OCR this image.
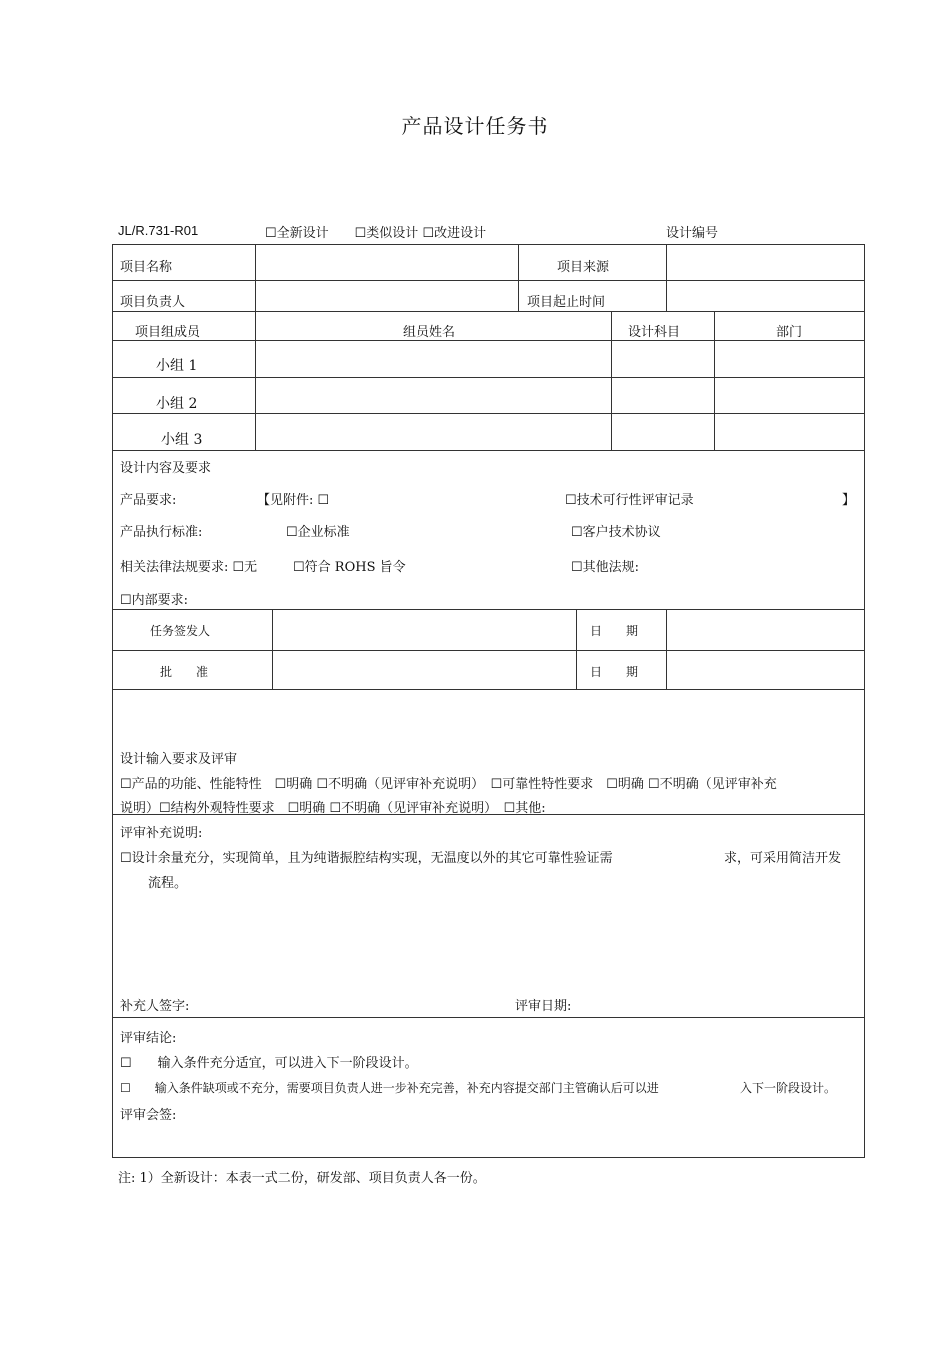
产品设计任务书
JL/R.731-R01	☐全新设计　　☐类似设计 ☐改进设计	设计编号
项目名称	项目来源
项目负责人	项目起止时间
项目组成员	组员姓名	设计科目	部门
小组 1
小组 2
小组 3
设计内容及要求
产品要求:	【见附件: ☐	☐技术可行性评审记录	】
产品执行标准:	☐企业标准	☐客户技术协议
相关法律法规要求: ☐无	☐符合 ROHS 旨令	☐其他法规:
☐内部要求:
任务签发人	日　　期
批　　准	日　　期
设计输入要求及评审
☐产品的功能、性能特性　☐明确 ☐不明确（见评审补充说明）　☐可靠性特性要求　☐明确 ☐不明确（见评审补充
说明）☐结构外观特性要求　☐明确 ☐不明确（见评审补充说明）　☐其他:
评审补充说明:
☐设计余量充分，实现简单，且为纯谐振腔结构实现，无温度以外的其它可靠性验证需	求，可采用简洁开发
流程。
补充人签字:	评审日期:
评审结论:
☐　　输入条件充分适宜，可以进入下一阶段设计。
☐　　输入条件缺项或不充分，需要项目负责人进一步补充完善，补充内容提交部门主管确认后可以进	入下一阶段设计。
评审会签:
注: 1）全新设计：本表一式二份，研发部、项目负责人各一份。
